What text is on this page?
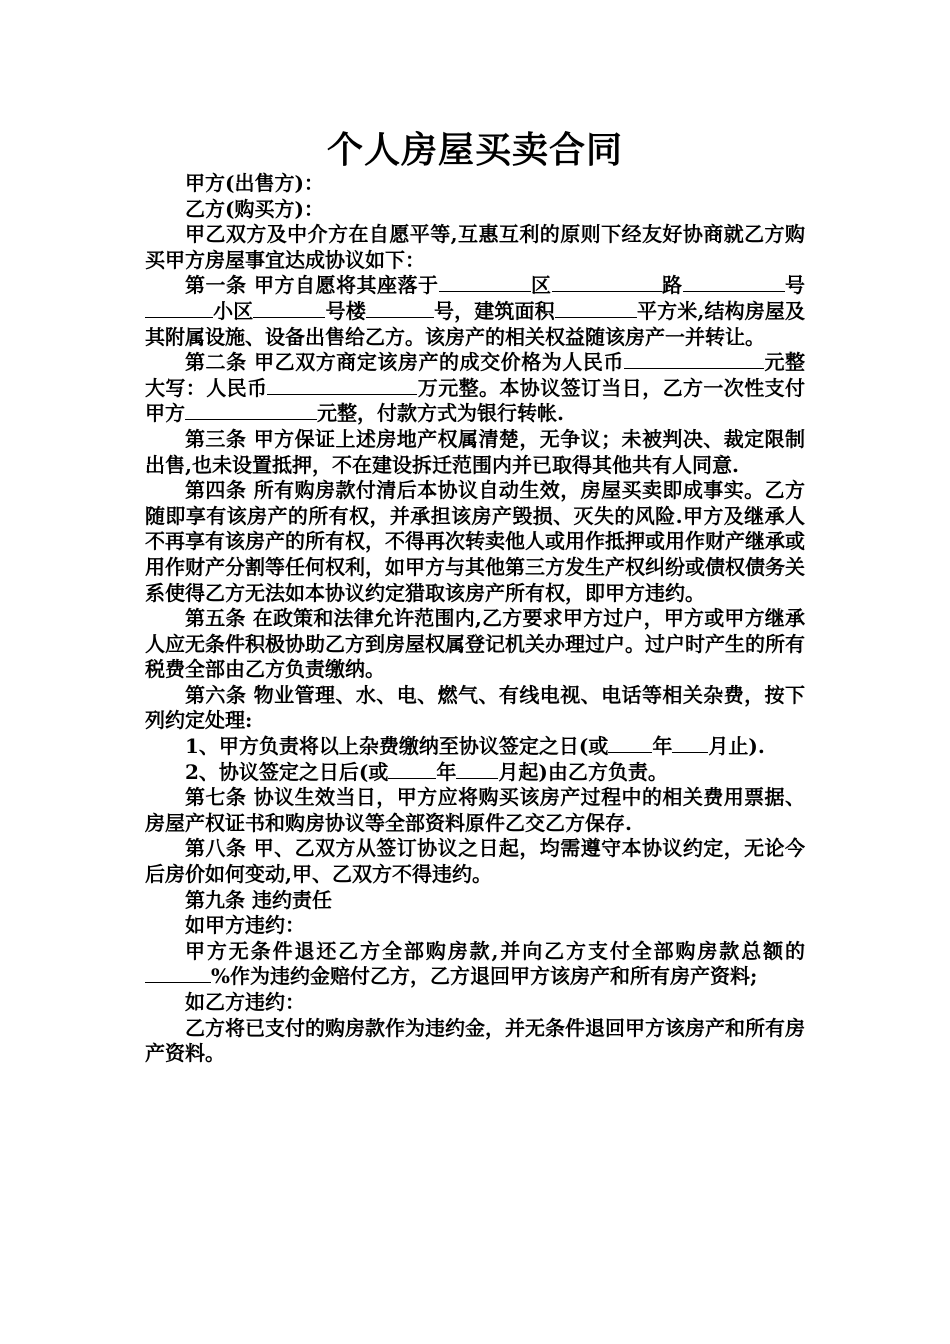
个人房屋买卖合同

甲方(出售方)：

乙方(购买方)：

甲乙双方及中介方在自愿平等,互惠互利的原则下经友好协商就乙方购买甲方房屋事宜达成协议如下：

第一条 甲方自愿将其座落于	区	路	号小区	号楼	号，建筑面积	平方米,结构房屋及其附属设施、设备出售给乙方。该房产的相关权益随该房产一并转让。

第二条 甲乙双方商定该房产的成交价格为人民币	元整大写：人民币	万元整。本协议签订当日，乙方一次性支付甲方	元整，付款方式为银行转帐.

第三条 甲方保证上述房地产权属清楚，无争议；未被判决、裁定限制出售,也未设置抵押，不在建设拆迁范围内并已取得其他共有人同意.

第四条 所有购房款付清后本协议自动生效，房屋买卖即成事实。乙方随即享有该房产的所有权，并承担该房产毁损、灭失的风险.甲方及继承人不再享有该房产的所有权，不得再次转卖他人或用作抵押或用作财产继承或用作财产分割等任何权利，如甲方与其他第三方发生产权纠纷或债权债务关系使得乙方无法如本协议约定猎取该房产所有权，即甲方违约。

第五条 在政策和法律允许范围内,乙方要求甲方过户，甲方或甲方继承人应无条件积极协助乙方到房屋权属登记机关办理过户。过户时产生的所有税费全部由乙方负责缴纳。

第六条 物业管理、水、电、燃气、有线电视、电话等相关杂费，按下列约定处理:

1、甲方负责将以上杂费缴纳至协议签定之日(或 年 月止).

2、协议签定之日后(或 年 月起)由乙方负责。

第七条 协议生效当日，甲方应将购买该房产过程中的相关费用票据、房屋产权证书和购房协议等全部资料原件乙交乙方保存.

第八条 甲、乙双方从签订协议之日起，均需遵守本协议约定，无论今后房价如何变动,甲、乙双方不得违约。

第九条 违约责任

如甲方违约：

甲方无条件退还乙方全部购房款,并向乙方支付全部购房款总额的%作为违约金赔付乙方，乙方退回甲方该房产和所有房产资料;

如乙方违约：

乙方将已支付的购房款作为违约金，并无条件退回甲方该房产和所有房产资料。
